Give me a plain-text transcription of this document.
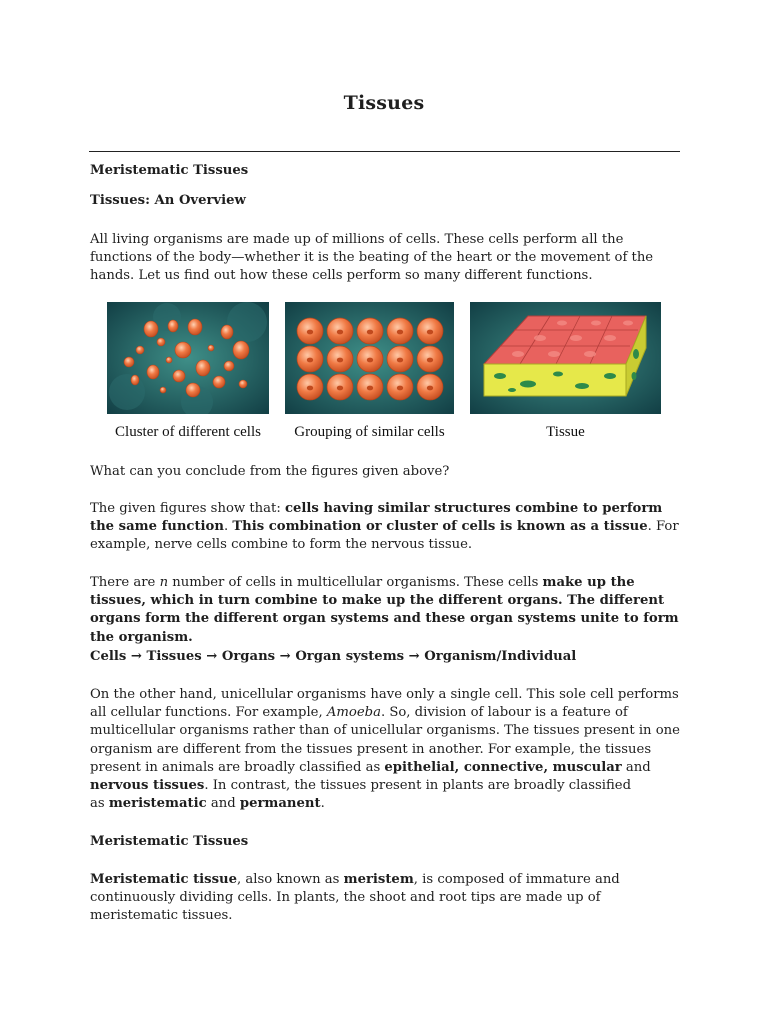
Tissues
Meristematic Tissues
Tissues: An Overview
All living organisms are made up of millions of cells. These cells perform all the functions of the body—whether it is the beating of the heart or the movement of the hands. Let us find out how these cells perform so many different functions.
Cluster of different cells	Grouping of similar cells	Tissue
What can you conclude from the figures given above?
The given figures show that: cells having similar structures combine to perform the same function. This combination or cluster of cells is known as a tissue. For example, nerve cells combine to form the nervous tissue.
There are n number of cells in multicellular organisms. These cells make up the tissues, which in turn combine to make up the different organs. The different organs form the different organ systems and these organ systems unite to form the organism.
Cells → Tissues → Organs → Organ systems → Organism/Individual
On the other hand, unicellular organisms have only a single cell. This sole cell performs all cellular functions. For example, Amoeba. So, division of labour is a feature of multicellular organisms rather than of unicellular organisms. The tissues present in one organism are different from the tissues present in another. For example, the tissues present in animals are broadly classified as epithelial, connective, muscular and nervous tissues. In contrast, the tissues present in plants are broadly classified
as meristematic and permanent.
Meristematic Tissues
Meristematic tissue, also known as meristem, is composed of immature and continuously dividing cells. In plants, the shoot and root tips are made up of meristematic tissues.
